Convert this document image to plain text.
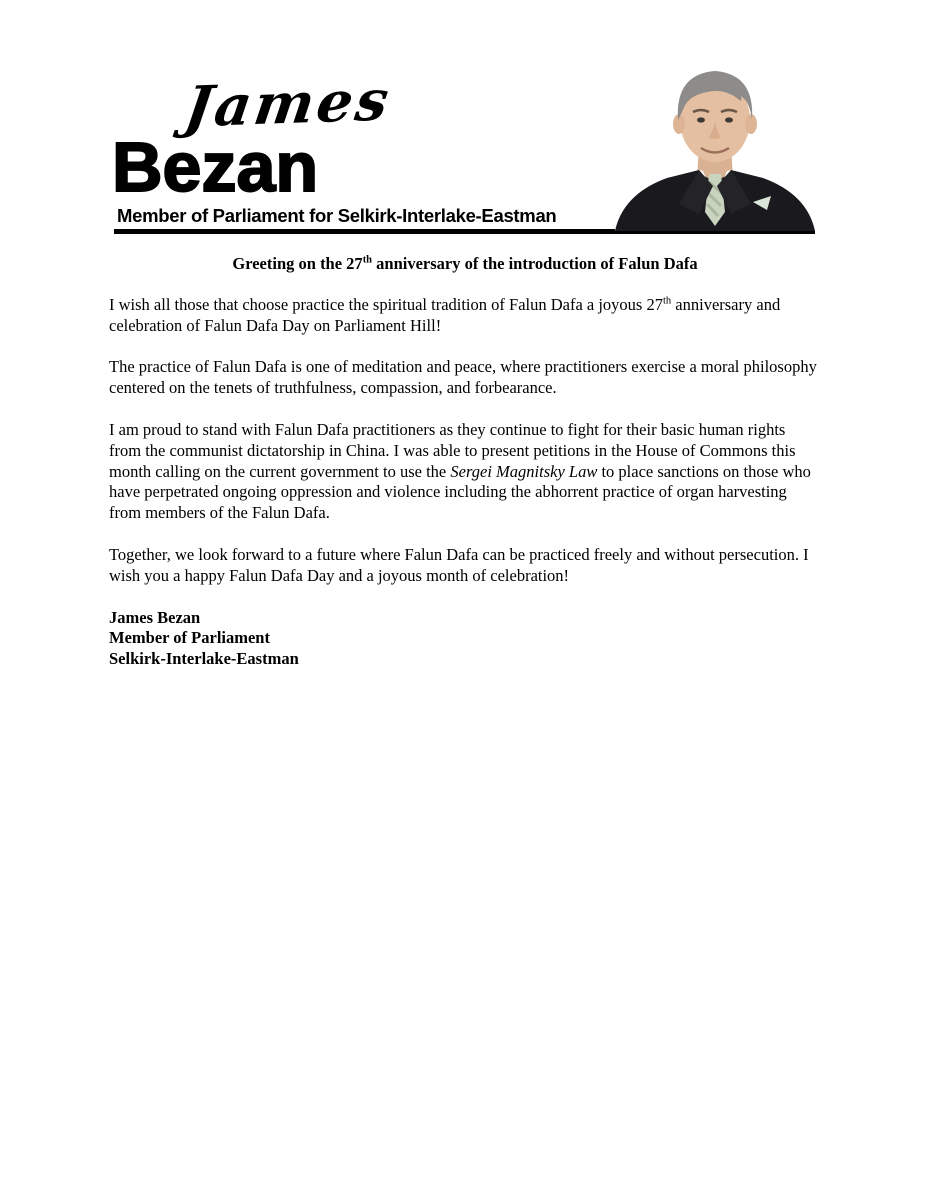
James
Bezan
Member of Parliament for Selkirk-Interlake-Eastman
Greeting on the 27th anniversary of the introduction of Falun Dafa

I wish all those that choose practice the spiritual tradition of Falun Dafa a joyous 27th anniversary and celebration of Falun Dafa Day on Parliament Hill!

The practice of Falun Dafa is one of meditation and peace, where practitioners exercise a moral philosophy centered on the tenets of truthfulness, compassion, and forbearance.

I am proud to stand with Falun Dafa practitioners as they continue to fight for their basic human rights from the communist dictatorship in China. I was able to present petitions in the House of Commons this month calling on the current government to use the Sergei Magnitsky Law to place sanctions on those who have perpetrated ongoing oppression and violence including the abhorrent practice of organ harvesting from members of the Falun Dafa.

Together, we look forward to a future where Falun Dafa can be practiced freely and without persecution. I wish you a happy Falun Dafa Day and a joyous month of celebration!

James Bezan
Member of Parliament
Selkirk-Interlake-Eastman
